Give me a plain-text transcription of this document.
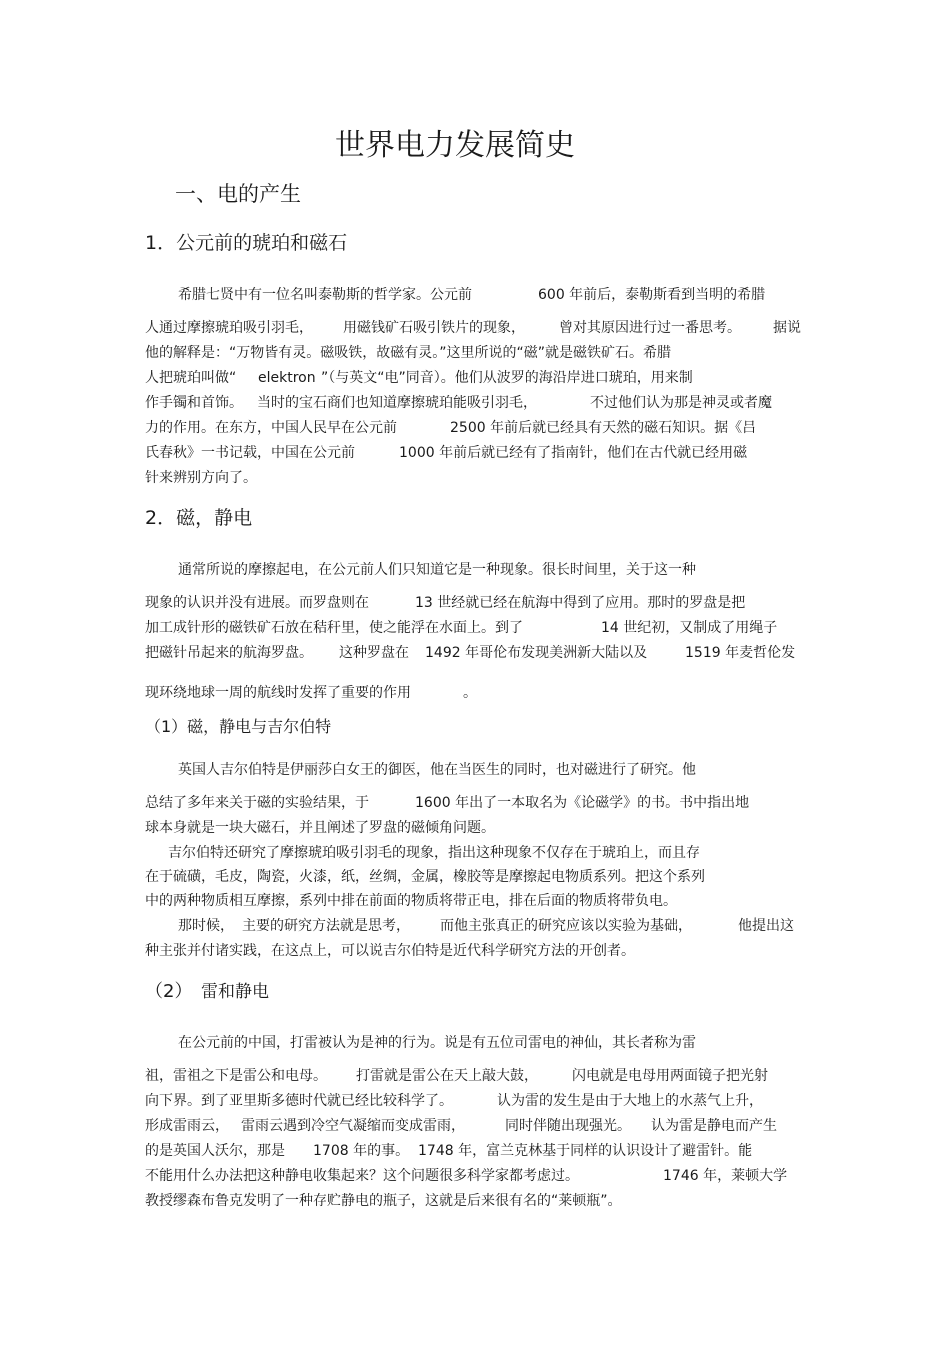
世界电力发展简史
一、电的产生
1．公元前的琥珀和磁石
希腊七贤中有一位名叫泰勒斯的哲学家。公元前	600 年前后，泰勒斯看到当明的希腊
人通过摩擦琥珀吸引羽毛， 用磁钱矿石吸引铁片的现象， 曾对其原因进行过一番思考。 据说
他的解释是：“万物皆有灵。磁吸铁，故磁有灵。”这里所说的“磁”就是磁铁矿石。希腊
人把琥珀叫做“ elektron ”（与英文“电”同音）。他们从波罗的海沿岸进口琥珀，用来制
作手镯和首饰。 当时的宝石商们也知道摩擦琥珀能吸引羽毛，	不过他们认为那是神灵或者魔
力的作用。在东方，中国人民早在公元前	2500 年前后就已经具有天然的磁石知识。据《吕
氏春秋》一书记载，中国在公元前	1000 年前后就已经有了指南针，他们在古代就已经用磁
针来辨别方向了。
2．磁，静电
通常所说的摩擦起电，在公元前人们只知道它是一种现象。很长时间里，关于这一种
现象的认识并没有进展。而罗盘则在	13 世经就已经在航海中得到了应用。那时的罗盘是把
加工成针形的磁铁矿石放在秸秆里，使之能浮在水面上。到了	14 世纪初，又制成了用绳子
把磁针吊起来的航海罗盘。 这种罗盘在 1492 年哥伦布发现美洲新大陆以及	1519 年麦哲伦发
现环绕地球一周的航线时发挥了重要的作用	。
（1）磁，静电与吉尔伯特
英国人吉尔伯特是伊丽莎白女王的御医，他在当医生的同时，也对磁进行了研究。他
总结了多年来关于磁的实验结果，于	1600 年出了一本取名为《论磁学》的书。书中指出地
球本身就是一块大磁石，并且阐述了罗盘的磁倾角问题。
吉尔伯特还研究了摩擦琥珀吸引羽毛的现象，指出这种现象不仅存在于琥珀上，而且存
在于硫磺，毛皮，陶瓷，火漆，纸，丝绸，金属，橡胶等是摩擦起电物质系列。把这个系列
中的两种物质相互摩擦，系列中排在前面的物质将带正电，排在后面的物质将带负电。
那时候， 主要的研究方法就是思考， 而他主张真正的研究应该以实验为基础，	他提出这
种主张并付诸实践，在这点上，可以说吉尔伯特是近代科学研究方法的开创者。
（2） 雷和静电
在公元前的中国，打雷被认为是神的行为。说是有五位司雷电的神仙，其长者称为雷
祖，雷祖之下是雷公和电母。 打雷就是雷公在天上敲大鼓， 闪电就是电母用两面镜子把光射
向下界。到了亚里斯多德时代就已经比较科学了。	认为雷的发生是由于大地上的水蒸气上升，
形成雷雨云， 雷雨云遇到冷空气凝缩而变成雷雨，	同时伴随出现强光。 认为雷是静电而产生
的是英国人沃尔，那是 1708 年的事。 1748 年，富兰克林基于同样的认识设计了避雷针。能
不能用什么办法把这种静电收集起来？这个问题很多科学家都考虑过。	1746 年，莱顿大学
教授缪森布鲁克发明了一种存贮静电的瓶子，这就是后来很有名的“莱顿瓶”。
